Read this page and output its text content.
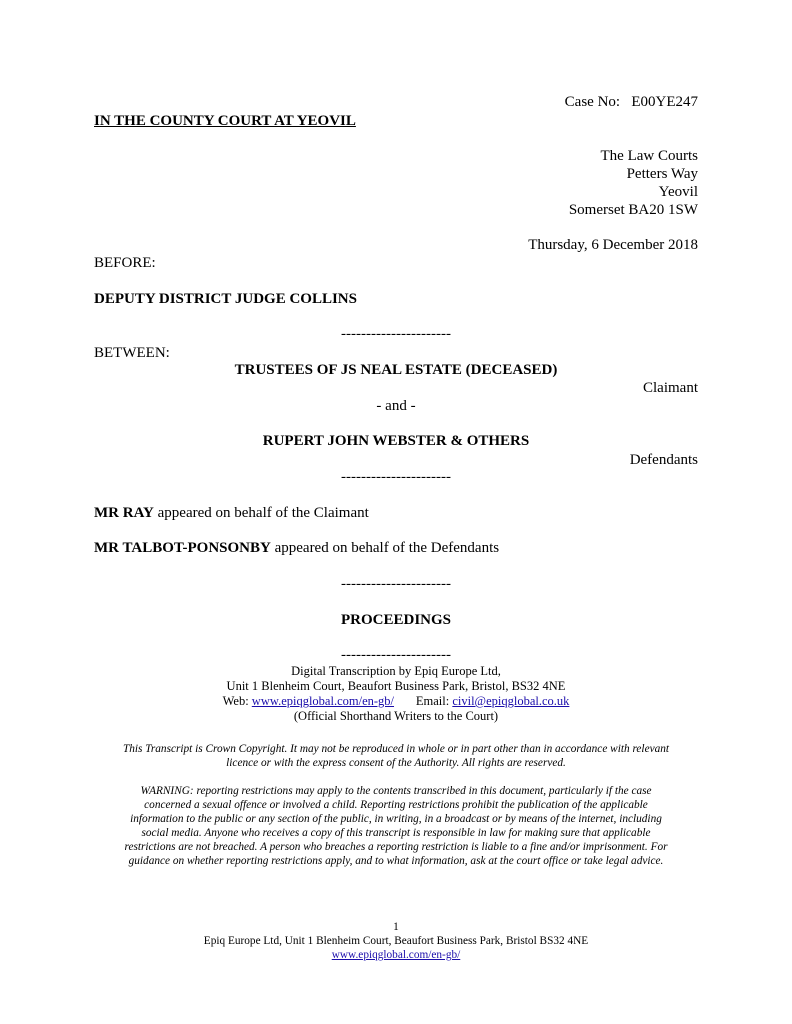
Case No: E00YE247
IN THE COUNTY COURT AT YEOVIL
The Law Courts
Petters Way
Yeovil
Somerset BA20 1SW
Thursday, 6 December 2018
BEFORE:
DEPUTY DISTRICT JUDGE COLLINS
----------------------
BETWEEN:
TRUSTEES OF JS NEAL ESTATE (DECEASED)
Claimant
- and -
RUPERT JOHN WEBSTER & OTHERS
Defendants
----------------------
MR RAY appeared on behalf of the Claimant
MR TALBOT-PONSONBY appeared on behalf of the Defendants
----------------------
PROCEEDINGS
----------------------
Digital Transcription by Epiq Europe Ltd,
Unit 1 Blenheim Court, Beaufort Business Park, Bristol, BS32 4NE
Web: www.epiqglobal.com/en-gb/ Email: civil@epiqglobal.co.uk
(Official Shorthand Writers to the Court)
This Transcript is Crown Copyright. It may not be reproduced in whole or in part other than in accordance with relevant
licence or with the express consent of the Authority. All rights are reserved.
WARNING: reporting restrictions may apply to the contents transcribed in this document, particularly if the case
concerned a sexual offence or involved a child. Reporting restrictions prohibit the publication of the applicable
information to the public or any section of the public, in writing, in a broadcast or by means of the internet, including
social media. Anyone who receives a copy of this transcript is responsible in law for making sure that applicable
restrictions are not breached. A person who breaches a reporting restriction is liable to a fine and/or imprisonment. For
guidance on whether reporting restrictions apply, and to what information, ask at the court office or take legal advice.
1
Epiq Europe Ltd, Unit 1 Blenheim Court, Beaufort Business Park, Bristol BS32 4NE
www.epiqglobal.com/en-gb/
